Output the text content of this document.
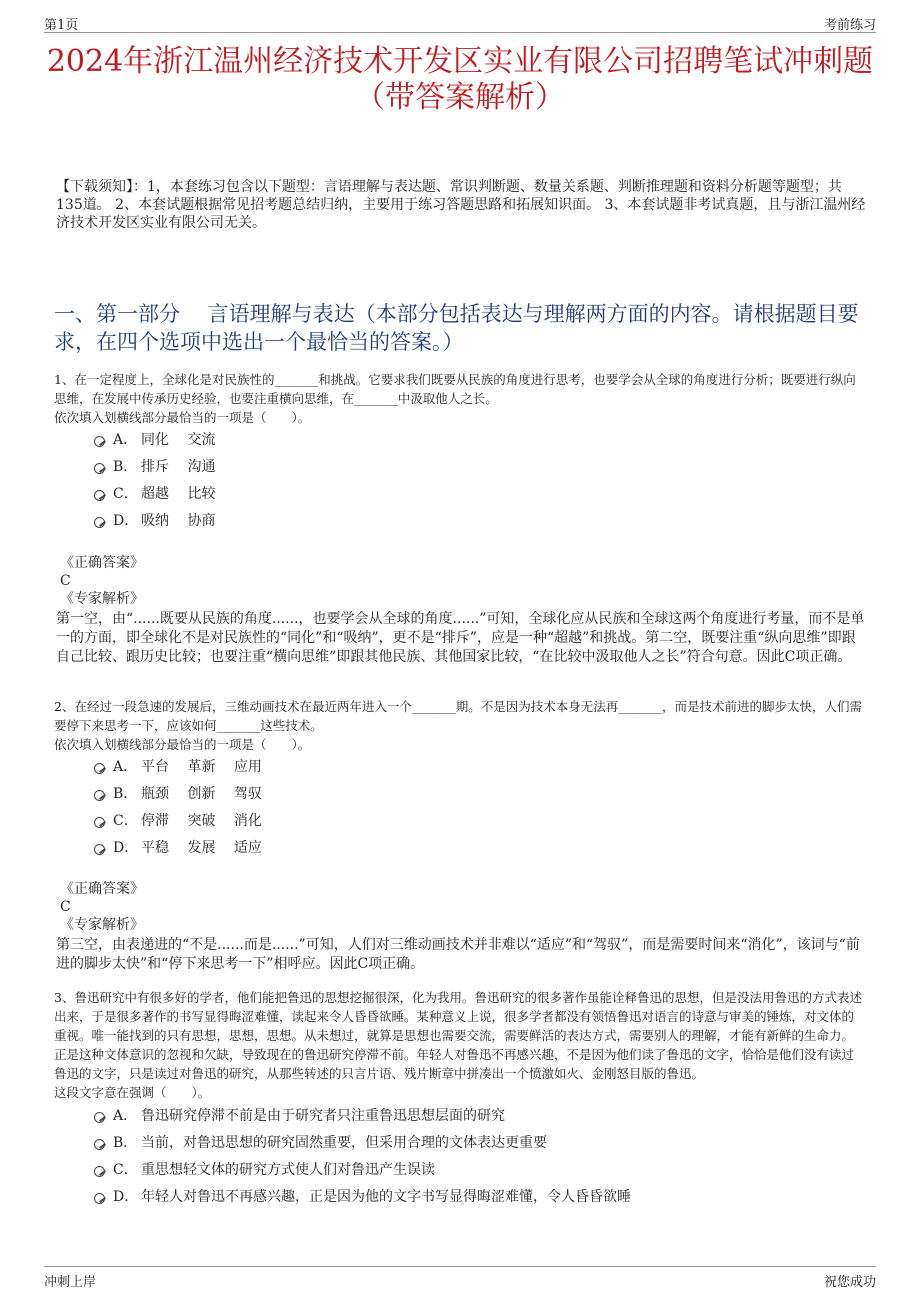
第1页	考前练习
2024年浙江温州经济技术开发区实业有限公司招聘笔试冲刺题
（带答案解析）
【下载须知】：1，本套练习包含以下题型：言语理解与表达题、常识判断题、数量关系题、判断推理题和资料分析题等题型；共135道。 2、本套试题根据常见招考题总结归纳，主要用于练习答题思路和拓展知识面。 3、本套试题非考试真题，且与浙江温州经济技术开发区实业有限公司无关。
一、第一部分　 言语理解与表达（本部分包括表达与理解两方面的内容。请根据题目要求，在四个选项中选出一个最恰当的答案。）
1、在一定程度上，全球化是对民族性的_______和挑战。它要求我们既要从民族的角度进行思考，也要学会从全球的角度进行分析；既要进行纵向思维，在发展中传承历史经验，也要注重横向思维，在_______中汲取他人之长。
依次填入划横线部分最恰当的一项是（　　）。
A． 同化　 交流
B． 排斥　 沟通
C． 超越　 比较
D． 吸纳　 协商
《正确答案》
C
《专家解析》
第一空，由“......既要从民族的角度......，也要学会从全球的角度......”可知，全球化应从民族和全球这两个角度进行考量，而不是单一的方面，即全球化不是对民族性的“同化”和“吸纳”，更不是“排斥”，应是一种“超越”和挑战。第二空，既要注重“纵向思维”即跟自己比较、跟历史比较；也要注重“横向思维”即跟其他民族、其他国家比较，“在比较中汲取他人之长”符合句意。因此C项正确。
2、在经过一段急速的发展后，三维动画技术在最近两年进入一个_______期。不是因为技术本身无法再_______，而是技术前进的脚步太快，人们需要停下来思考一下，应该如何_______这些技术。
依次填入划横线部分最恰当的一项是（　　）。
A． 平台　 革新　 应用
B． 瓶颈　 创新　 驾驭
C． 停滞　 突破　 消化
D． 平稳　 发展　 适应
《正确答案》
C
《专家解析》
第三空，由表递进的“不是......而是......”可知，人们对三维动画技术并非难以“适应”和“驾驭”，而是需要时间来“消化”，该词与“前进的脚步太快”和“停下来思考一下”相呼应。因此C项正确。
3、鲁迅研究中有很多好的学者，他们能把鲁迅的思想挖掘很深，化为我用。鲁迅研究的很多著作虽能诠释鲁迅的思想，但是没法用鲁迅的方式表述出来，于是很多著作的书写显得晦涩难懂，读起来令人昏昏欲睡。某种意义上说，很多学者都没有领悟鲁迅对语言的诗意与审美的锤炼，对文体的重视。唯一能找到的只有思想，思想，思想。从未想过，就算是思想也需要交流，需要鲜活的表达方式，需要别人的理解，才能有新鲜的生命力。正是这种文体意识的忽视和欠缺，导致现在的鲁迅研究停滞不前。年轻人对鲁迅不再感兴趣，不是因为他们读了鲁迅的文字，恰恰是他们没有读过鲁迅的文字，只是读过对鲁迅的研究，从那些转述的只言片语、残片断章中拼凑出一个愤激如火、金刚怒目版的鲁迅。
这段文字意在强调（　　）。
A． 鲁迅研究停滞不前是由于研究者只注重鲁迅思想层面的研究
B． 当前，对鲁迅思想的研究固然重要，但采用合理的文体表达更重要
C． 重思想轻文体的研究方式使人们对鲁迅产生误读
D． 年轻人对鲁迅不再感兴趣，正是因为他的文字书写显得晦涩难懂，令人昏昏欲睡
冲刺上岸	祝您成功
